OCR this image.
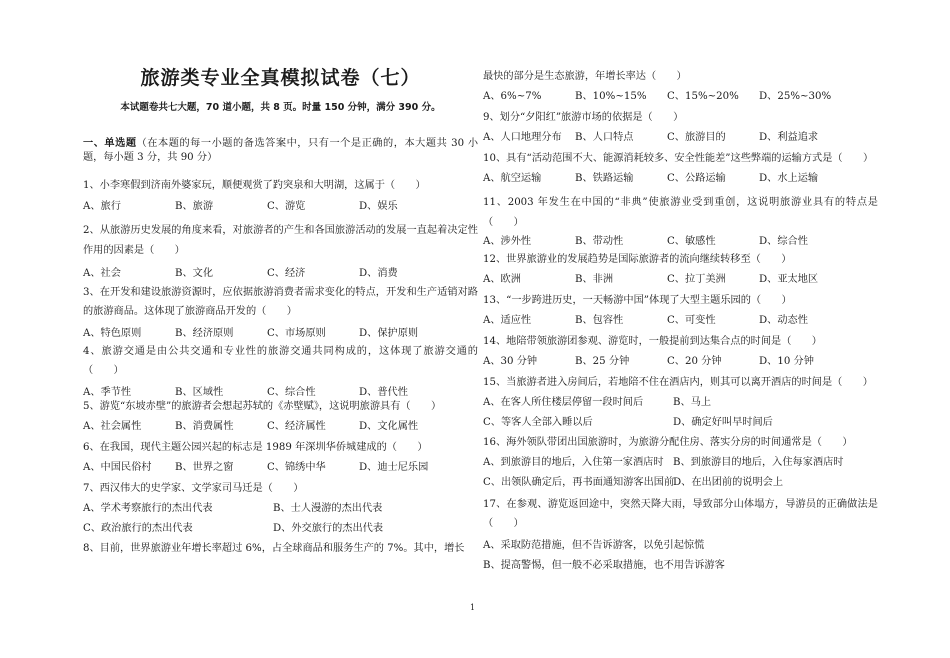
旅游类专业全真模拟试卷（七）
本试题卷共七大题，70 道小题，共 8 页。时量 150 分钟，满分 390 分。

一、单选题（在本题的每一小题的备选答案中，只有一个是正确的，本大题共 30 小题，每小题 3 分，共 90 分）

1、小李寒假到济南外婆家玩，顺便观赏了趵突泉和大明湖，这属于（　　）

A、旅行	B、旅游	C、游览	D、娱乐

2、从旅游历史发展的角度来看，对旅游者的产生和各国旅游活动的发展一直起着决定性作用的因素是（　　）

A、社会	B、文化	C、经济	D、消费

3、在开发和建设旅游资源时，应依据旅游消费者需求变化的特点，开发和生产适销对路的旅游商品。这体现了旅游商品开发的（　　）

A、特色原则	B、经济原则	C、市场原则	D、保护原则

4、旅游交通是由公共交通和专业性的旅游交通共同构成的，这体现了旅游交通的（　　）

A、季节性	B、区域性	C、综合性	D、普代性

5、游览“东坡赤壁”的旅游者会想起苏轼的《赤壁赋》，这说明旅游具有（　　）

A、社会属性	B、消费属性	C、经济属性	D、文化属性

6、在我国，现代主题公园兴起的标志是 1989 年深圳华侨城建成的（　　）

A、中国民俗村	B、世界之窗	C、锦绣中华	D、迪士尼乐园

7、西汉伟大的史学家、文学家司马迁是（　　）

A、学术考察旅行的杰出代表	B、士人漫游的杰出代表
C、政治旅行的杰出代表	D、外交旅行的杰出代表

8、目前，世界旅游业年增长率超过 6%，占全球商品和服务生产的 7%。其中，增长

最快的部分是生态旅游，年增长率达（　　）

A、6%~7%	B、10%~15%	C、15%~20%	D、25%~30%

9、划分“夕阳红”旅游市场的依据是（　　）

A、人口地理分布	B、人口特点	C、旅游目的	D、利益追求

10、具有“活动范围不大、能源消耗较多、安全性能差”这些弊端的运输方式是（　　）

A、航空运输	B、铁路运输	C、公路运输	D、水上运输

11、2003 年发生在中国的“非典”使旅游业受到重创，这说明旅游业具有的特点是（　　）

A、涉外性	B、带动性	C、敏感性	D、综合性

12、世界旅游业的发展趋势是国际旅游者的流向继续转移至（　　）

A、欧洲	B、非洲	C、拉丁美洲	D、亚太地区

13、“一步跨进历史，一天畅游中国”体现了大型主题乐园的（　　）

A、适应性	B、包容性	C、可变性	D、动态性

14、地陪带领旅游团参观、游览时，一般提前到达集合点的时间是（　　）

A、30 分钟	B、25 分钟	C、20 分钟	D、10 分钟

15、当旅游者进入房间后，若地陪不住在酒店内，则其可以离开酒店的时间是（　　）

A、在客人所住楼层停留一段时间后	B、马上
C、等客人全部入睡以后	D、确定好叫早时间后

16、海外领队带团出国旅游时，为旅游分配住房、落实分房的时间通常是（　　）

A、到旅游目的地后，入住第一家酒店时 B、到旅游目的地后，入住每家酒店时
C、出领队确定后，再书面通知游客出国前
D、在出团前的说明会上

17、在参观、游览返回途中，突然天降大雨，导致部分山体塌方，导游员的正确做法是（　　）

A、采取防范措施，但不告诉游客，以免引起惊慌

B、提高警惕，但一般不必采取措施，也不用告诉游客

1
